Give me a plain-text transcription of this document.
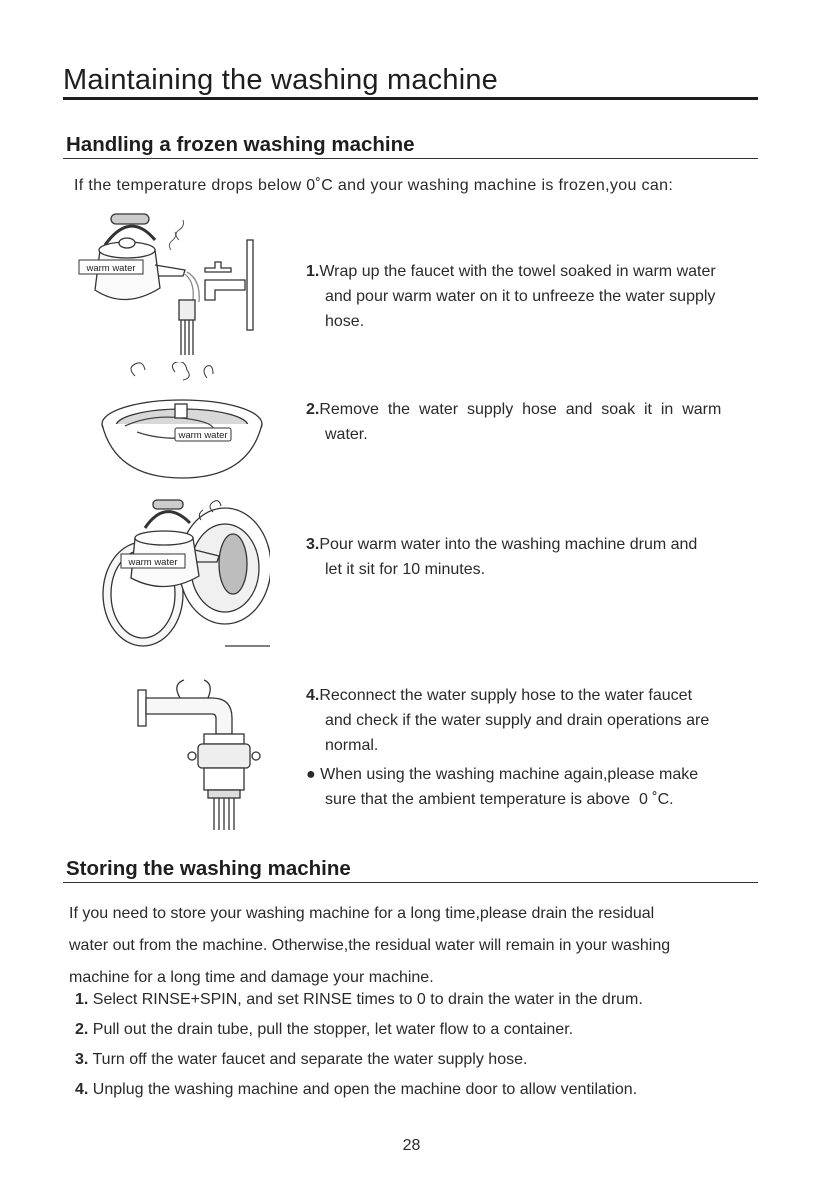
Maintaining the washing machine
Handling a frozen washing machine
If the temperature drops below 0˚C and your washing machine is frozen,you can:
warm water
warm water
warm water
1.Wrap up the faucet with the towel soaked in warm water
and pour warm water on it to unfreeze the water supply
hose.
2.Remove  the  water  supply  hose  and  soak  it  in  warm
water.
3.Pour warm water into the washing machine drum and
let it sit for 10 minutes.
4.Reconnect the water supply hose to the water faucet
and check if the water supply and drain operations are
normal.
● When using the washing machine again,please make
sure that the ambient temperature is above  0 ˚C.
Storing the washing machine
If you need to store your washing machine for a long time,please drain the residual
water out from the machine. Otherwise,the residual water will remain in your washing
machine for a long time and damage your machine.
1. Select RINSE+SPIN, and set RINSE times to 0 to drain the water in the drum.
2. Pull out the drain tube, pull the stopper, let water flow to a container.
3. Turn off the water faucet and separate the water supply hose.
4. Unplug the washing machine and open the machine door to allow ventilation.
28
